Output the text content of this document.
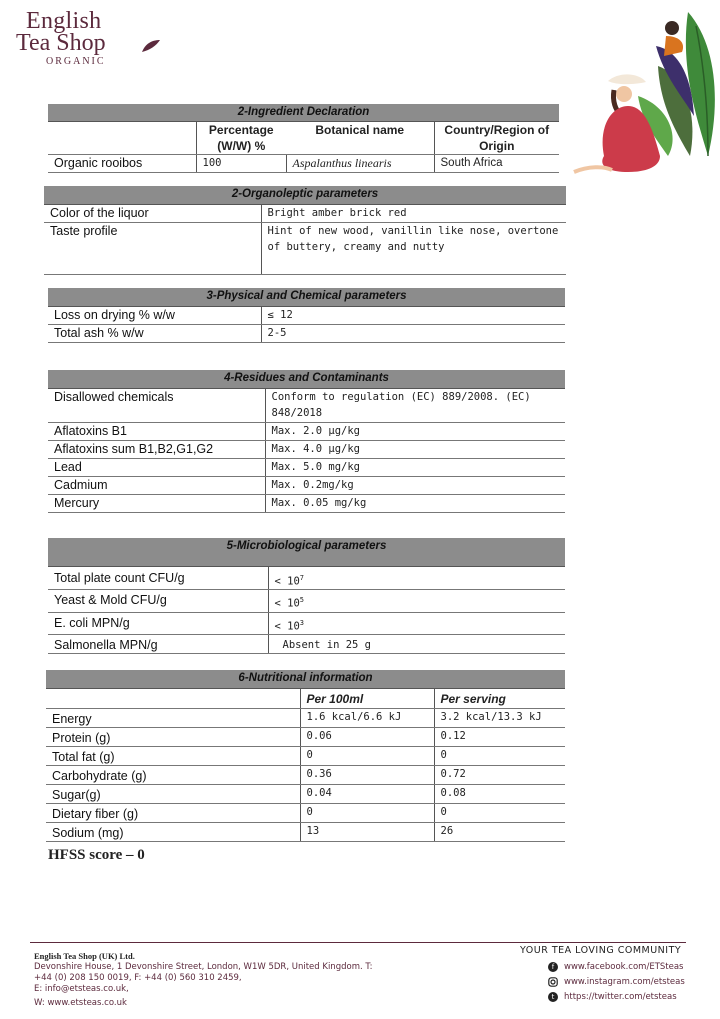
English
Tea Shop
ORGANIC
2-Ingredient Declaration			
	Percentage (W/W) %	Botanical name	Country/Region of Origin
Organic rooibos	100	Aspalanthus linearis	South Africa
2-Organoleptic parameters	
Color of the liquor	Bright amber brick red
Taste profile	Hint of new wood, vanillin like nose, overtone of buttery, creamy and nutty
3-Physical and Chemical parameters	
Loss on drying % w/w	≤ 12
Total ash % w/w	2-5
4-Residues and Contaminants	
Disallowed chemicals	Conform to regulation (EC) 889/2008. (EC) 848/2018
Aflatoxins B1	Max. 2.0 µg/kg
Aflatoxins sum B1,B2,G1,G2	Max. 4.0 µg/kg
Lead	Max. 5.0 mg/kg
Cadmium	Max. 0.2mg/kg
Mercury	Max. 0.05 mg/kg
5-Microbiological parameters	
Total plate count CFU/g	< $10^7$
Yeast & Mold CFU/g	< $10^5$
E. coli MPN/g	< $10^3$
Salmonella MPN/g	Absent in 25 g
6-Nutritional information		
	Per 100ml	Per serving
Energy	1.6 kcal/6.6 kJ	3.2 kcal/13.3 kJ
Protein (g)	0.06	0.12
Total fat (g)	0	0
Carbohydrate (g)	0.36	0.72
Sugar(g)	0.04	0.08
Dietary fiber (g)	0	0
Sodium (mg)	13	26
HFSS score – 0
English Tea Shop (UK) Ltd.
Devonshire House, 1 Devonshire Street, London, W1W 5DR, United Kingdom. T:
+44 (0) 208 150 0019, F: +44 (0) 560 310 2459,
E: info@etsteas.co.uk,
W: www.etsteas.co.uk
YOUR TEA LOVING COMMUNITY
f	www.facebook.com/ETSteas
www.instagram.com/etsteas
t	https://twitter.com/etsteas
